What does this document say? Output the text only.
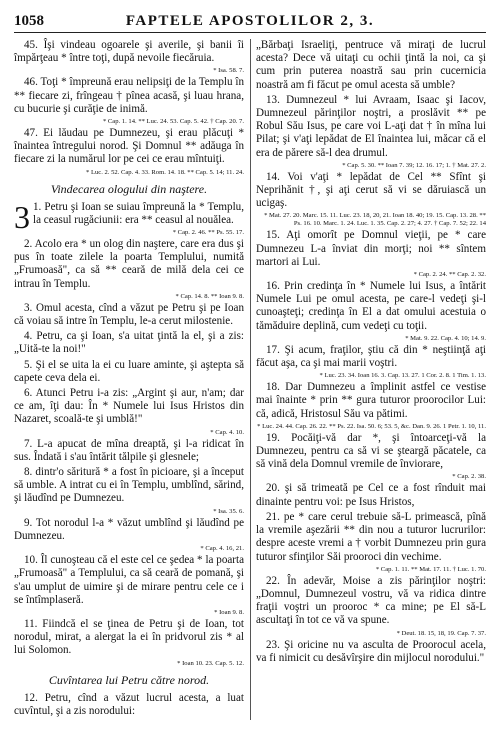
1058	FAPTELE APOSTOLILOR 2, 3.

45. Îşi vindeau ogoarele şi averile, şi banii îi împărţeau * între toţi, după nevoile fiecăruia.

* Isa. 58. 7.

46. Toţi * împreună erau nelipsiţi de la Templu în ** fiecare zi, frîngeau † pînea acasă, şi luau hrana, cu bucurie şi curăţie de inimă.

* Cap. 1. 14. ** Luc. 24. 53. Cap. 5. 42. † Cap. 20. 7.

47. Ei lăudau pe Dumnezeu, şi erau plăcuţi * înaintea întregului norod. Şi Domnul ** adăuga în fiecare zi la numărul lor pe cei ce erau mîntuiţi.

* Luc. 2. 52. Cap. 4. 33. Rom. 14. 18. ** Cap. 5. 14; 11. 24.
Vindecarea ologului din naştere.
3 1. Petru şi Ioan se suiau împreună la * Templu, la ceasul rugăciunii: era ** ceasul al nouălea.

* Cap. 2. 46. ** Ps. 55. 17.

2. Acolo era * un olog din naştere, care era dus şi pus în toate zilele la poarta Templului, numită „Frumoasă", ca să ** cearǎ de milă dela cei ce intrau în Templu.

* Cap. 14. 8. ** Ioan 9. 8.

3. Omul acesta, cînd a văzut pe Petru şi pe Ioan că voiau să intre în Templu, le-a cerut milostenie.

4. Petru, ca şi Ioan, s'a uitat ţintă la el, şi a zis: „Uită-te la noi!"

5. Şi el se uita la ei cu luare aminte, şi aştepta să capete ceva dela ei.

6. Atunci Petru i-a zis: „Argint şi aur, n'am; dar ce am, îţi dau: În * Numele lui Isus Hristos din Nazaret, scoală-te şi umblă!"

* Cap. 4. 10.

7. L-a apucat de mîna dreaptă, şi l-a ridicat în sus. Îndată i s'au întărit tălpile şi glesnele;

8. dintr'o săritură * a fost în picioare, şi a început să umble. A intrat cu ei în Templu, umblînd, sărind, şi lăudînd pe Dumnezeu.

* Isa. 35. 6.

9. Tot norodul l-a * văzut umblînd şi lăudînd pe Dumnezeu.

* Cap. 4. 16, 21.

10. Îl cunoşteau că el este cel ce şedea * la poarta „Frumoasă" a Templului, ca să ceară de pomană, şi s'au umplut de uimire şi de mirare pentru cele ce i se întîmplaseră.

* Ioan 9. 8.

11. Fiindcă el se ţinea de Petru şi de Ioan, tot norodul, mirat, a alergat la ei în pridvorul zis * al lui Solomon.

* Ioan 10. 23. Cap. 5. 12.
Cuvîntarea lui Petru către norod.

12. Petru, cînd a văzut lucrul acesta, a luat cuvîntul, şi a zis norodului:

„Bărbaţi Israeliţi, pentruce vă miraţi de lucrul acesta? Dece vă uitaţi cu ochii ţintă la noi, ca şi cum prin puterea noastră sau prin cucernicia noastră am fi făcut pe omul acesta să umble?

13. Dumnezeul * lui Avraam, Isaac şi Iacov, Dumnezeul părinţilor noştri, a proslăvit ** pe Robul Său Isus, pe care voi L-aţi dat † în mîna lui Pilat; şi v'aţi lepădat de El înaintea lui, măcar că el era de părere să-l dea drumul.

* Cap. 5. 30. ** Ioan 7. 39; 12. 16. 17; 1. † Mat. 27. 2.

14. Voi v'aţi * lepădat de Cel ** Sfînt şi Neprihănit †, şi aţi cerut să vi se dăruiască un ucigaş.

* Mat. 27. 20. Marc. 15. 11. Luc. 23. 18, 20, 21. Ioan 18. 40; 19. 15. Cap. 13. 28. ** Ps. 16. 10. Marc. 1. 24. Luc. 1. 35. Cap. 2. 27; 4. 27. † Cap. 7. 52; 22. 14

15. Aţi omorît pe Domnul vieţii, pe * care Dumnezeu L-a înviat din morţi; noi ** sîntem martori ai Lui.

* Cap. 2. 24. ** Cap. 2. 32.

16. Prin credinţa în * Numele lui Isus, a întărit Numele Lui pe omul acesta, pe care-l vedeţi şi-l cunoaşteţi; credinţa în El a dat omului acestuia o tămăduire deplină, cum vedeţi cu toţii.

* Mat. 9. 22. Cap. 4. 10; 14. 9.

17. Şi acum, fraţilor, ştiu că din * neştiinţă aţi făcut aşa, ca şi mai marii voştri.

* Luc. 23. 34. Ioan 16. 3. Cap. 13. 27. 1 Cor. 2. 8. 1 Tim. 1. 13.

18. Dar Dumnezeu a împlinit astfel ce vestise mai înainte * prin ** gura tuturor proorocilor Lui: că, adică, Hristosul Său va pătimi.

* Luc. 24. 44. Cap. 26. 22. ** Ps. 22. Isa. 50. 6; 53. 5, &c. Dan. 9. 26. 1 Petr. 1. 10, 11.

19. Pocăiţi-vă dar *, şi întoarceţi-vă la Dumnezeu, pentru ca să vi se şteargă păcatele, ca să vină dela Domnul vremile de înviorare,

* Cap. 2. 38.

20. şi să trimeată pe Cel ce a fost rînduit mai dinainte pentru voi: pe Isus Hristos,

21. pe * care cerul trebuie să-L primească, pînă la vremile aşezării ** din nou a tuturor lucrurilor: despre aceste vremi a † vorbit Dumnezeu prin gura tuturor sfinţilor Săi prooroci din vechime.

* Cap. 1. 11. ** Mat. 17. 11. † Luc. 1. 70.

22. În adevăr, Moise a zis părinţilor noştri: „Domnul, Dumnezeul vostru, vă va ridica dintre fraţii voştri un prooroc * ca mine; pe El să-L ascultaţi în tot ce vă va spune.

* Deut. 18. 15, 18, 19. Cap. 7. 37.

23. Şi oricine nu va asculta de Proorocul acela, va fi nimicit cu desăvîrşire din mijlocul norodului."
